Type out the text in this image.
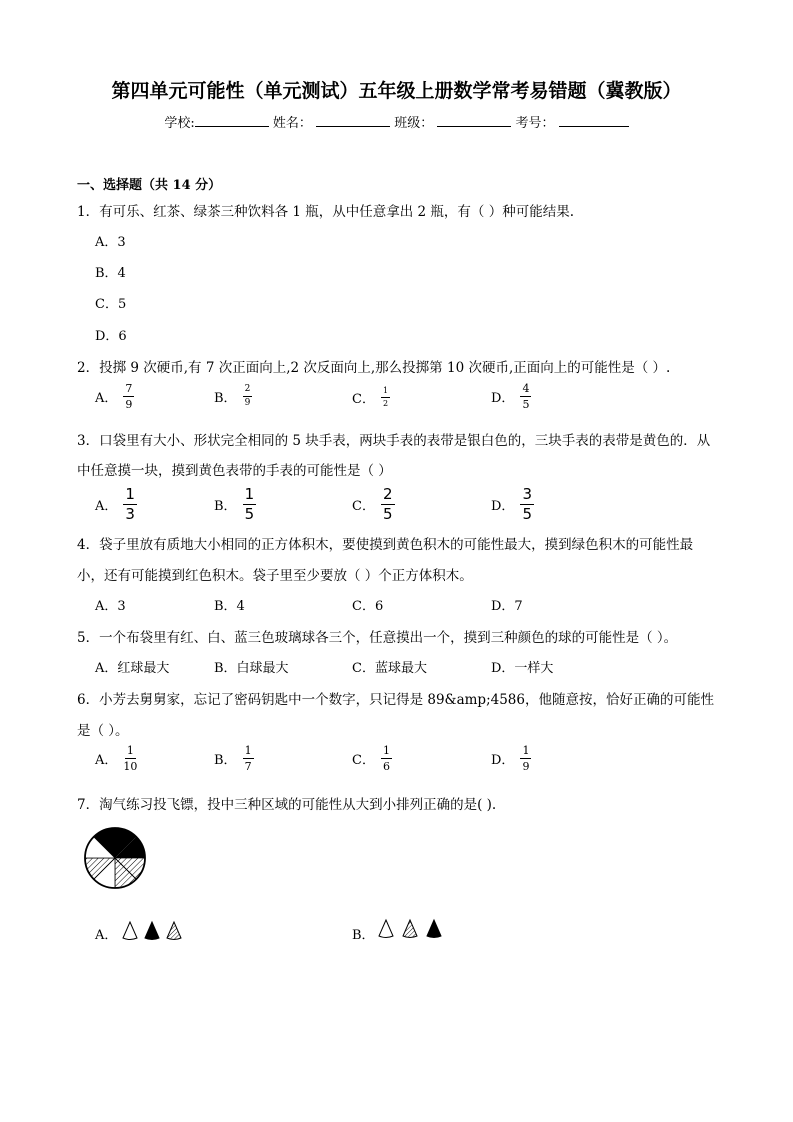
第四单元可能性（单元测试）五年级上册数学常考易错题（冀教版）
学校:	姓名：	班级：	考号：
一、选择题（共 14 分）
1．有可乐、红茶、绿茶三种饮料各 1 瓶，从中任意拿出 2 瓶，有（ ）种可能结果.
A．3
B．4
C．5
D．6
2．投掷 9 次硬币,有 7 次正面向上,2 次反面向上,那么投掷第 10 次硬币,正面向上的可能性是（ ）.
A． $\frac{7}{9}$	B． $\frac{2}{9}$	C． $\frac{1}{2}$	D． $\frac{4}{5}$
3．口袋里有大小、形状完全相同的 5 块手表，两块手表的表带是银白色的，三块手表的表带是黄色的．从
中任意摸一块，摸到黄色表带的手表的可能性是（ ）
A． $\frac{1}{3}$	B． $\frac{1}{5}$	C． $\frac{2}{5}$	D． $\frac{3}{5}$
4．袋子里放有质地大小相同的正方体积木，要使摸到黄色积木的可能性最大，摸到绿色积木的可能性最
小，还有可能摸到红色积木。袋子里至少要放（ ）个正方体积木。
A．3	B．4	C．6	D．7
5．一个布袋里有红、白、蓝三色玻璃球各三个，任意摸出一个，摸到三种颜色的球的可能性是（ ）。
A．红球最大	B．白球最大	C．蓝球最大	D．一样大
6．小芳去舅舅家，忘记了密码钥匙中一个数字，只记得是 89&amp;4586，他随意按，恰好正确的可能性
是（ ）。
A． $\frac{1}{10}$	B． $\frac{1}{7}$	C． $\frac{1}{6}$	D． $\frac{1}{9}$
7．淘气练习投飞镖，投中三种区域的可能性从大到小排列正确的是( ).
A．	B．
